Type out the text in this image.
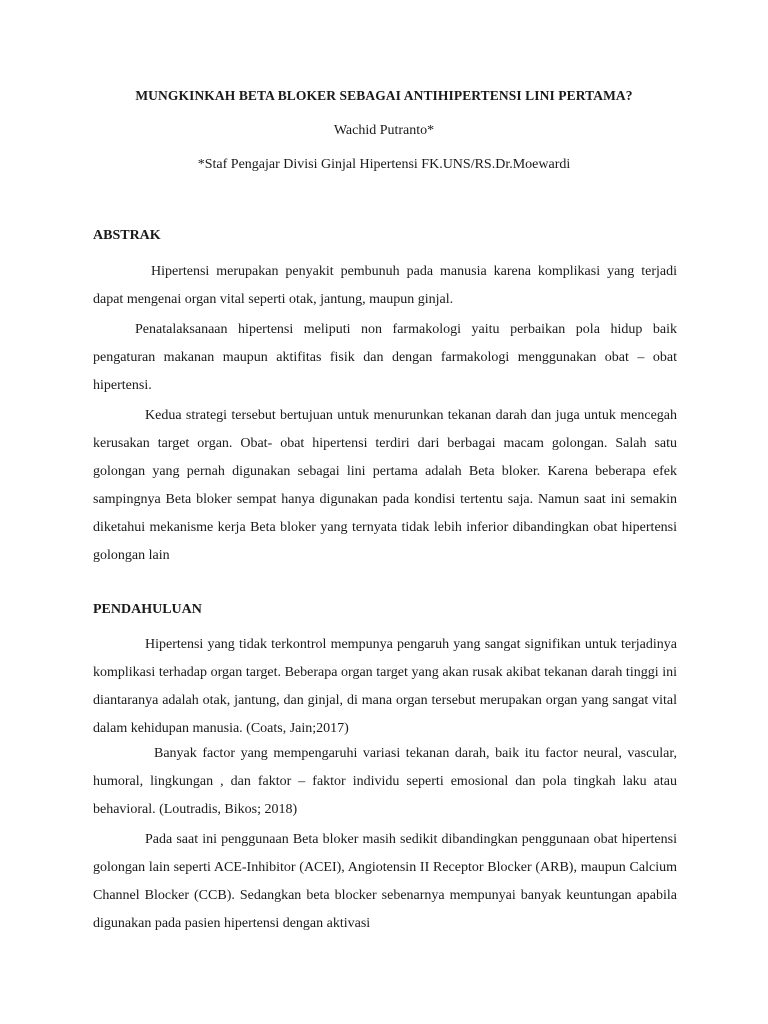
MUNGKINKAH BETA BLOKER SEBAGAI ANTIHIPERTENSI LINI PERTAMA?
Wachid Putranto*
*Staf Pengajar Divisi Ginjal Hipertensi FK.UNS/RS.Dr.Moewardi
ABSTRAK
Hipertensi merupakan penyakit pembunuh pada manusia karena komplikasi yang terjadi dapat mengenai organ vital seperti otak, jantung, maupun ginjal.
Penatalaksanaan hipertensi meliputi non farmakologi yaitu perbaikan pola hidup baik pengaturan makanan maupun aktifitas fisik dan dengan farmakologi menggunakan obat – obat hipertensi.
Kedua strategi tersebut bertujuan untuk menurunkan tekanan darah dan juga untuk mencegah kerusakan target organ. Obat- obat hipertensi terdiri dari berbagai macam golongan. Salah satu golongan yang pernah digunakan sebagai lini pertama adalah Beta bloker. Karena beberapa efek sampingnya Beta bloker sempat hanya digunakan pada kondisi tertentu saja. Namun saat ini semakin diketahui mekanisme kerja Beta bloker yang ternyata tidak lebih inferior dibandingkan obat hipertensi golongan lain
PENDAHULUAN
Hipertensi yang tidak terkontrol mempunya pengaruh yang sangat signifikan untuk terjadinya komplikasi terhadap organ target. Beberapa organ target yang akan rusak akibat tekanan darah tinggi ini diantaranya adalah otak, jantung, dan ginjal, di mana organ tersebut merupakan organ yang sangat vital dalam kehidupan manusia. (Coats, Jain;2017)
Banyak factor yang mempengaruhi variasi tekanan darah, baik itu factor neural, vascular, humoral, lingkungan , dan faktor – faktor individu seperti emosional dan pola tingkah laku atau behavioral. (Loutradis, Bikos; 2018)
Pada saat ini penggunaan Beta bloker masih sedikit dibandingkan penggunaan obat hipertensi golongan lain seperti ACE-Inhibitor (ACEI), Angiotensin II Receptor Blocker (ARB), maupun Calcium Channel Blocker (CCB). Sedangkan beta blocker sebenarnya mempunyai banyak keuntungan apabila digunakan pada pasien hipertensi dengan aktivasi
